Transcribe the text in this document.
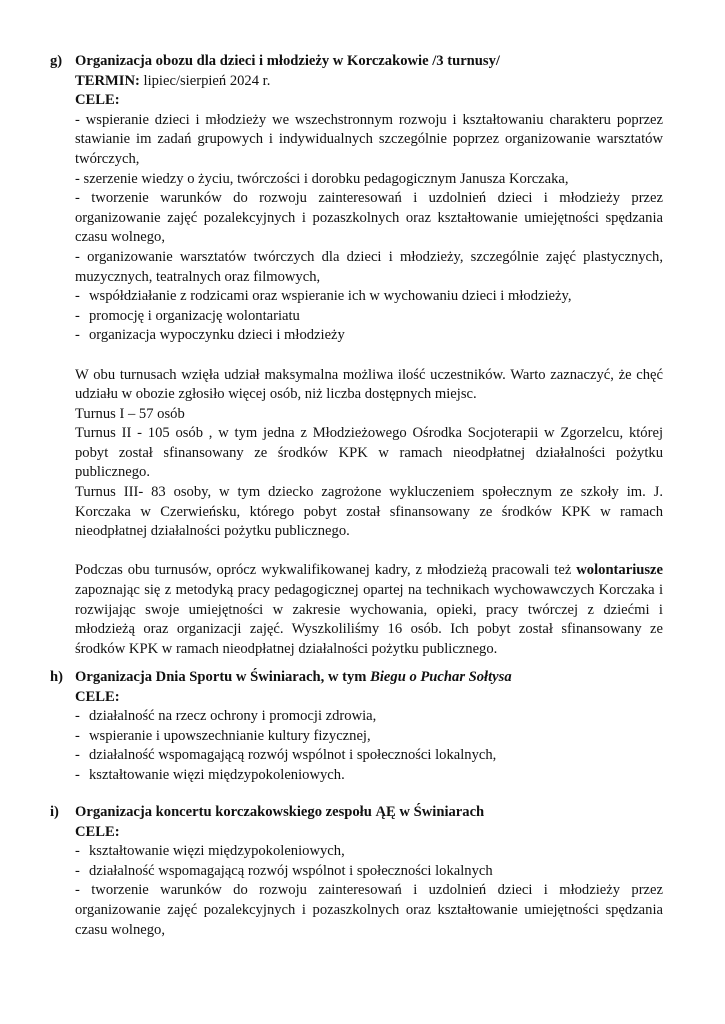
g) Organizacja obozu dla dzieci i młodzieży w Korczakowie /3 turnusy/
TERMIN: lipiec/sierpień 2024 r.
CELE:
- wspieranie dzieci i młodzieży we wszechstronnym rozwoju i kształtowaniu charakteru poprzez stawianie im zadań grupowych i indywidualnych szczególnie poprzez organizowanie warsztatów twórczych,
- szerzenie wiedzy o życiu, twórczości i dorobku pedagogicznym Janusza Korczaka,
- tworzenie warunków do rozwoju zainteresowań i uzdolnień dzieci i młodzieży przez organizowanie zajęć pozalekcyjnych i pozaszkolnych oraz kształtowanie umiejętności spędzania czasu wolnego,
- organizowanie warsztatów twórczych dla dzieci i młodzieży, szczególnie zajęć plastycznych, muzycznych, teatralnych oraz filmowych,
- współdziałanie z rodzicami oraz wspieranie ich w wychowaniu dzieci i młodzieży,
- promocję i organizację wolontariatu
- organizacja wypoczynku dzieci i młodzieży
W obu turnusach wzięła udział maksymalna możliwa ilość uczestników. Warto zaznaczyć, że chęć udziału w obozie zgłosiło więcej osób, niż liczba dostępnych miejsc.
Turnus I – 57 osób
Turnus II - 105 osób , w tym jedna z Młodzieżowego Ośrodka Socjoterapii w Zgorzelcu, której pobyt został sfinansowany ze środków KPK w ramach nieodpłatnej działalności pożytku publicznego.
Turnus III- 83 osoby, w tym dziecko zagrożone wykluczeniem społecznym ze szkoły im. J. Korczaka w Czerwieńsku, którego pobyt został sfinansowany ze środków KPK w ramach nieodpłatnej działalności pożytku publicznego.
Podczas obu turnusów, oprócz wykwalifikowanej kadry, z młodzieżą pracowali też wolontariusze zapoznając się z metodyką pracy pedagogicznej opartej na technikach wychowawczych Korczaka i rozwijając swoje umiejętności w zakresie wychowania, opieki, pracy twórczej z dziećmi i młodzieżą oraz organizacji zajęć. Wyszkoliliśmy 16 osób. Ich pobyt został sfinansowany ze środków KPK w ramach nieodpłatnej działalności pożytku publicznego.
h) Organizacja Dnia Sportu w Świniarach, w tym Biegu o Puchar Sołtysa
CELE:
- działalność na rzecz ochrony i promocji zdrowia,
- wspieranie i upowszechnianie kultury fizycznej,
- działalność wspomagającą rozwój wspólnot i społeczności lokalnych,
- kształtowanie więzi międzypokoleniowych.
i) Organizacja koncertu korczakowskiego zespołu ĄĘ w Świniarach
CELE:
- kształtowanie więzi międzypokoleniowych,
- działalność wspomagającą rozwój wspólnot i społeczności lokalnych
- tworzenie warunków do rozwoju zainteresowań i uzdolnień dzieci i młodzieży przez organizowanie zajęć pozalekcyjnych i pozaszkolnych oraz kształtowanie umiejętności spędzania czasu wolnego,
